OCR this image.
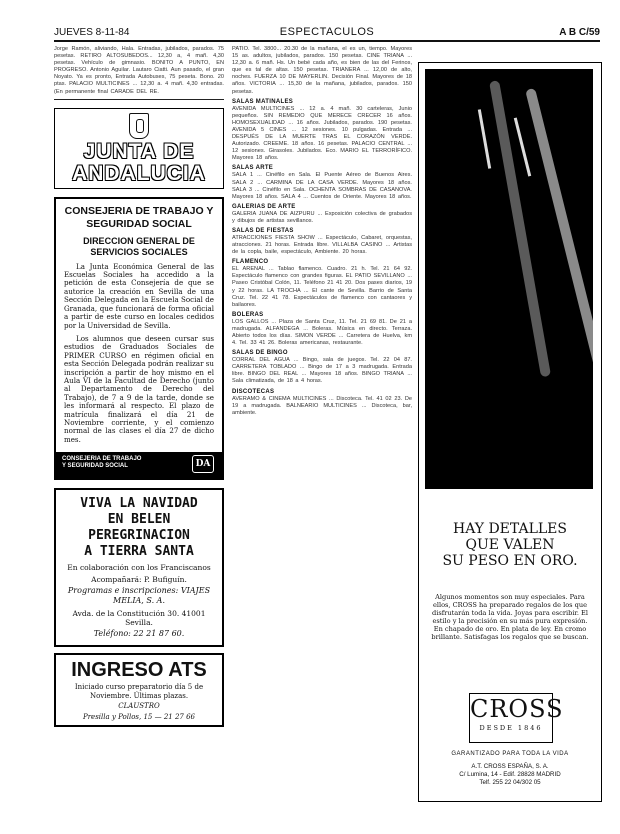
JUEVES 8-11-84	ESPECTACULOS	A B C/59
Jorge Ramón, aliviando, Hala. Entradas, jubilados, parados. 75 pesetas. RETIRO ALTOSUBEDOS... 12,30 a, 4 mañ. 4,30 pesetas. Vehículo de gimnasio. BONITO A PUNTO, EN PROGRESO. Antonio Aguilar. Lautaro Ciatti. Aun pasado, el gran Noyato. Ya es pronto, Entrada Autobuses, 75 peseta. Bono. 20 ptas. PALACIO MULTICINES ... 12,30 a. 4 mañ. 4,30 entradas. (En permanente final CARADE DEL RE.
JUNTA DE
ANDALUCIA
CONSEJERIA DE TRABAJO Y SEGURIDAD SOCIAL
DIRECCION GENERAL DE SERVICIOS SOCIALES

La Junta Económica General de las Escuelas Sociales ha accedido a la petición de esta Consejería de que se autorice la creación en Sevilla de una Sección Delegada en la Escuela Social de Granada, que funcionará de forma oficial a partir de este curso en locales cedidos por la Universidad de Sevilla.

Los alumnos que deseen cursar sus estudios de Graduados Sociales de PRIMER CURSO en régimen oficial en esta Sección Delegada podrán realizar su inscripción a partir de hoy mismo en el Aula VI de la Facultad de Derecho (junto al Departamento de Derecho del Trabajo), de 7 a 9 de la tarde, donde se les informará al respecto. El plazo de matrícula finalizará el día 21 de Noviembre corriente, y el comienzo normal de las clases el día 27 de dicho mes.

CONSEJERIA DE TRABAJO
Y SEGURIDAD SOCIAL	DA
VIVA LA NAVIDAD
EN BELEN
PEREGRINACION
A TIERRA SANTA
En colaboración con los Franciscanos
Acompañará: P. Bufiguín.
Programas e inscripciones: VIAJES MELIA, S. A.
Avda. de la Constitución 30. 41001 Sevilla.
Teléfono: 22 21 87 60.
INGRESO ATS
Iniciado curso preparatorio día 5 de Noviembre. Últimas plazas.
CLAUSTRO
Presilla y Pollos, 15 — 21 27 66
PATIO. Tel. 3800... 20.30 de la mañana, el es un, tiempo. Mayores 15 as. adultos, jubilados, parados. 150 pesetas. CINE TRIANA ... 12,30 a. 6 mañ. Hs. Un bebé cada año, es bien de las del Ferinos, que es tal de altas. 150 pesetas. TRIANERA ... 12,00 de alto, noches. FUERZA 10 DE MAYERLIN. Decisión Final. Mayores de 18 años. VICTORIA ... 15,30 de la mañana, jubilados, parados. 150 pesetas.
SALAS MATINALES
AVENIDA MULTICINES ... 12 a. 4 mañ. 30 carteleras, Junio pequeños. SIN REMEDIO QUE MERECE CRECER 16 años. HOMOSEXUALIDAD ... 16 años. Jubilados, parados. 190 pesetas. AVENIDA 5 CINES ... 12 sesiones. 10 pulgadas. Entrada ... DESPUÉS DE LA MUERTE TRAS EL CORAZÓN VERDE. Autorizado. CREEME. 18 años. 16 pesetas. PALACIO CENTRAL ... 12 sesiones. Girasoles. Jubilados. Eco. MARIO EL TERRORÍFICO. Mayores 18 años.
SALAS ARTE
SALA 1 ... Cinéfilo en Sala. El Puente Aéreo de Buenos Aires. SALA 2 ... CARMINA DE LA CASA VERDE. Mayores 18 años. SALA 3 ... Cinéfilo en Sala. OCHENTA SOMBRAS DE CASANOVA. Mayores 18 años. SALA 4 ... Cuentos de Oriente. Mayores 18 años.
GALERIAS DE ARTE
GALERIA JUANA DE AIZPURU ... Exposición colectiva de grabados y dibujos de artistas sevillanos.
SALAS DE FIESTAS
ATRACCIONES FIESTA SHOW ... Espectáculo, Cabaret, orquestas, atracciones. 21 horas. Entrada libre. VILLALBA CASINO ... Artistas de la copla, baile, espectáculo, Ambiente. 20 horas.
FLAMENCO
EL ARENAL ... Tablao flamenco. Cuadro. 21 h. Tel. 21 64 92. Espectáculo flamenco con grandes figuras. EL PATIO SEVILLANO ... Paseo Cristóbal Colón, 11. Teléfono 21 41 20. Dos pases diarios, 19 y 22 horas. LA TROCHA ... El cante de Sevilla. Barrio de Santa Cruz. Tel. 22 41 78. Espectáculos de flamenco con cantaores y bailaores.
BOLERAS
LOS GALLOS ... Plaza de Santa Cruz, 11. Tel. 21 69 81. De 21 a madrugada. ALFANDEGA ... Boleras. Música en directo. Terraza. Abierto todos los días. SIMON VERDE ... Carretera de Huelva, km 4. Tel. 33 41 26. Boleras americanas, restaurante.
SALAS DE BINGO
CORRAL DEL AGUA ... Bingo, sala de juegos. Tel. 22 04 87. CARRETERA TOBLADO ... Bingo de 17 a 3 madrugada. Entrada libre. BINGO DEL REAL ... Mayores 18 años. BINGO TRIANA ... Sala climatizada, de 18 a 4 horas.
DISCOTECAS
AVERAMO & CINEMA MULTICINES ... Discoteca. Tel. 41 02 23. De 19 a madrugada. BALNEARIO MULTICINES ... Discoteca, bar, ambiente.
HAY DETALLES
QUE VALEN
SU PESO EN ORO.
Algunos momentos son muy especiales. Para ellos, CROSS ha preparado regalos de los que disfrutarán toda la vida. Joyas para escribir. El estilo y la precisión en su más pura expresión. En chapado de oro. En plata de ley. En cromo brillante. Satisfagas los regalos que se buscan.
CROSS
DESDE 1846
GARANTIZADO PARA TODA LA VIDA
A.T. CROSS ESPAÑA, S. A.
C/ Lumina, 14 - Edif. 28828 MADRID
Telf. 255 22 04/302 05
